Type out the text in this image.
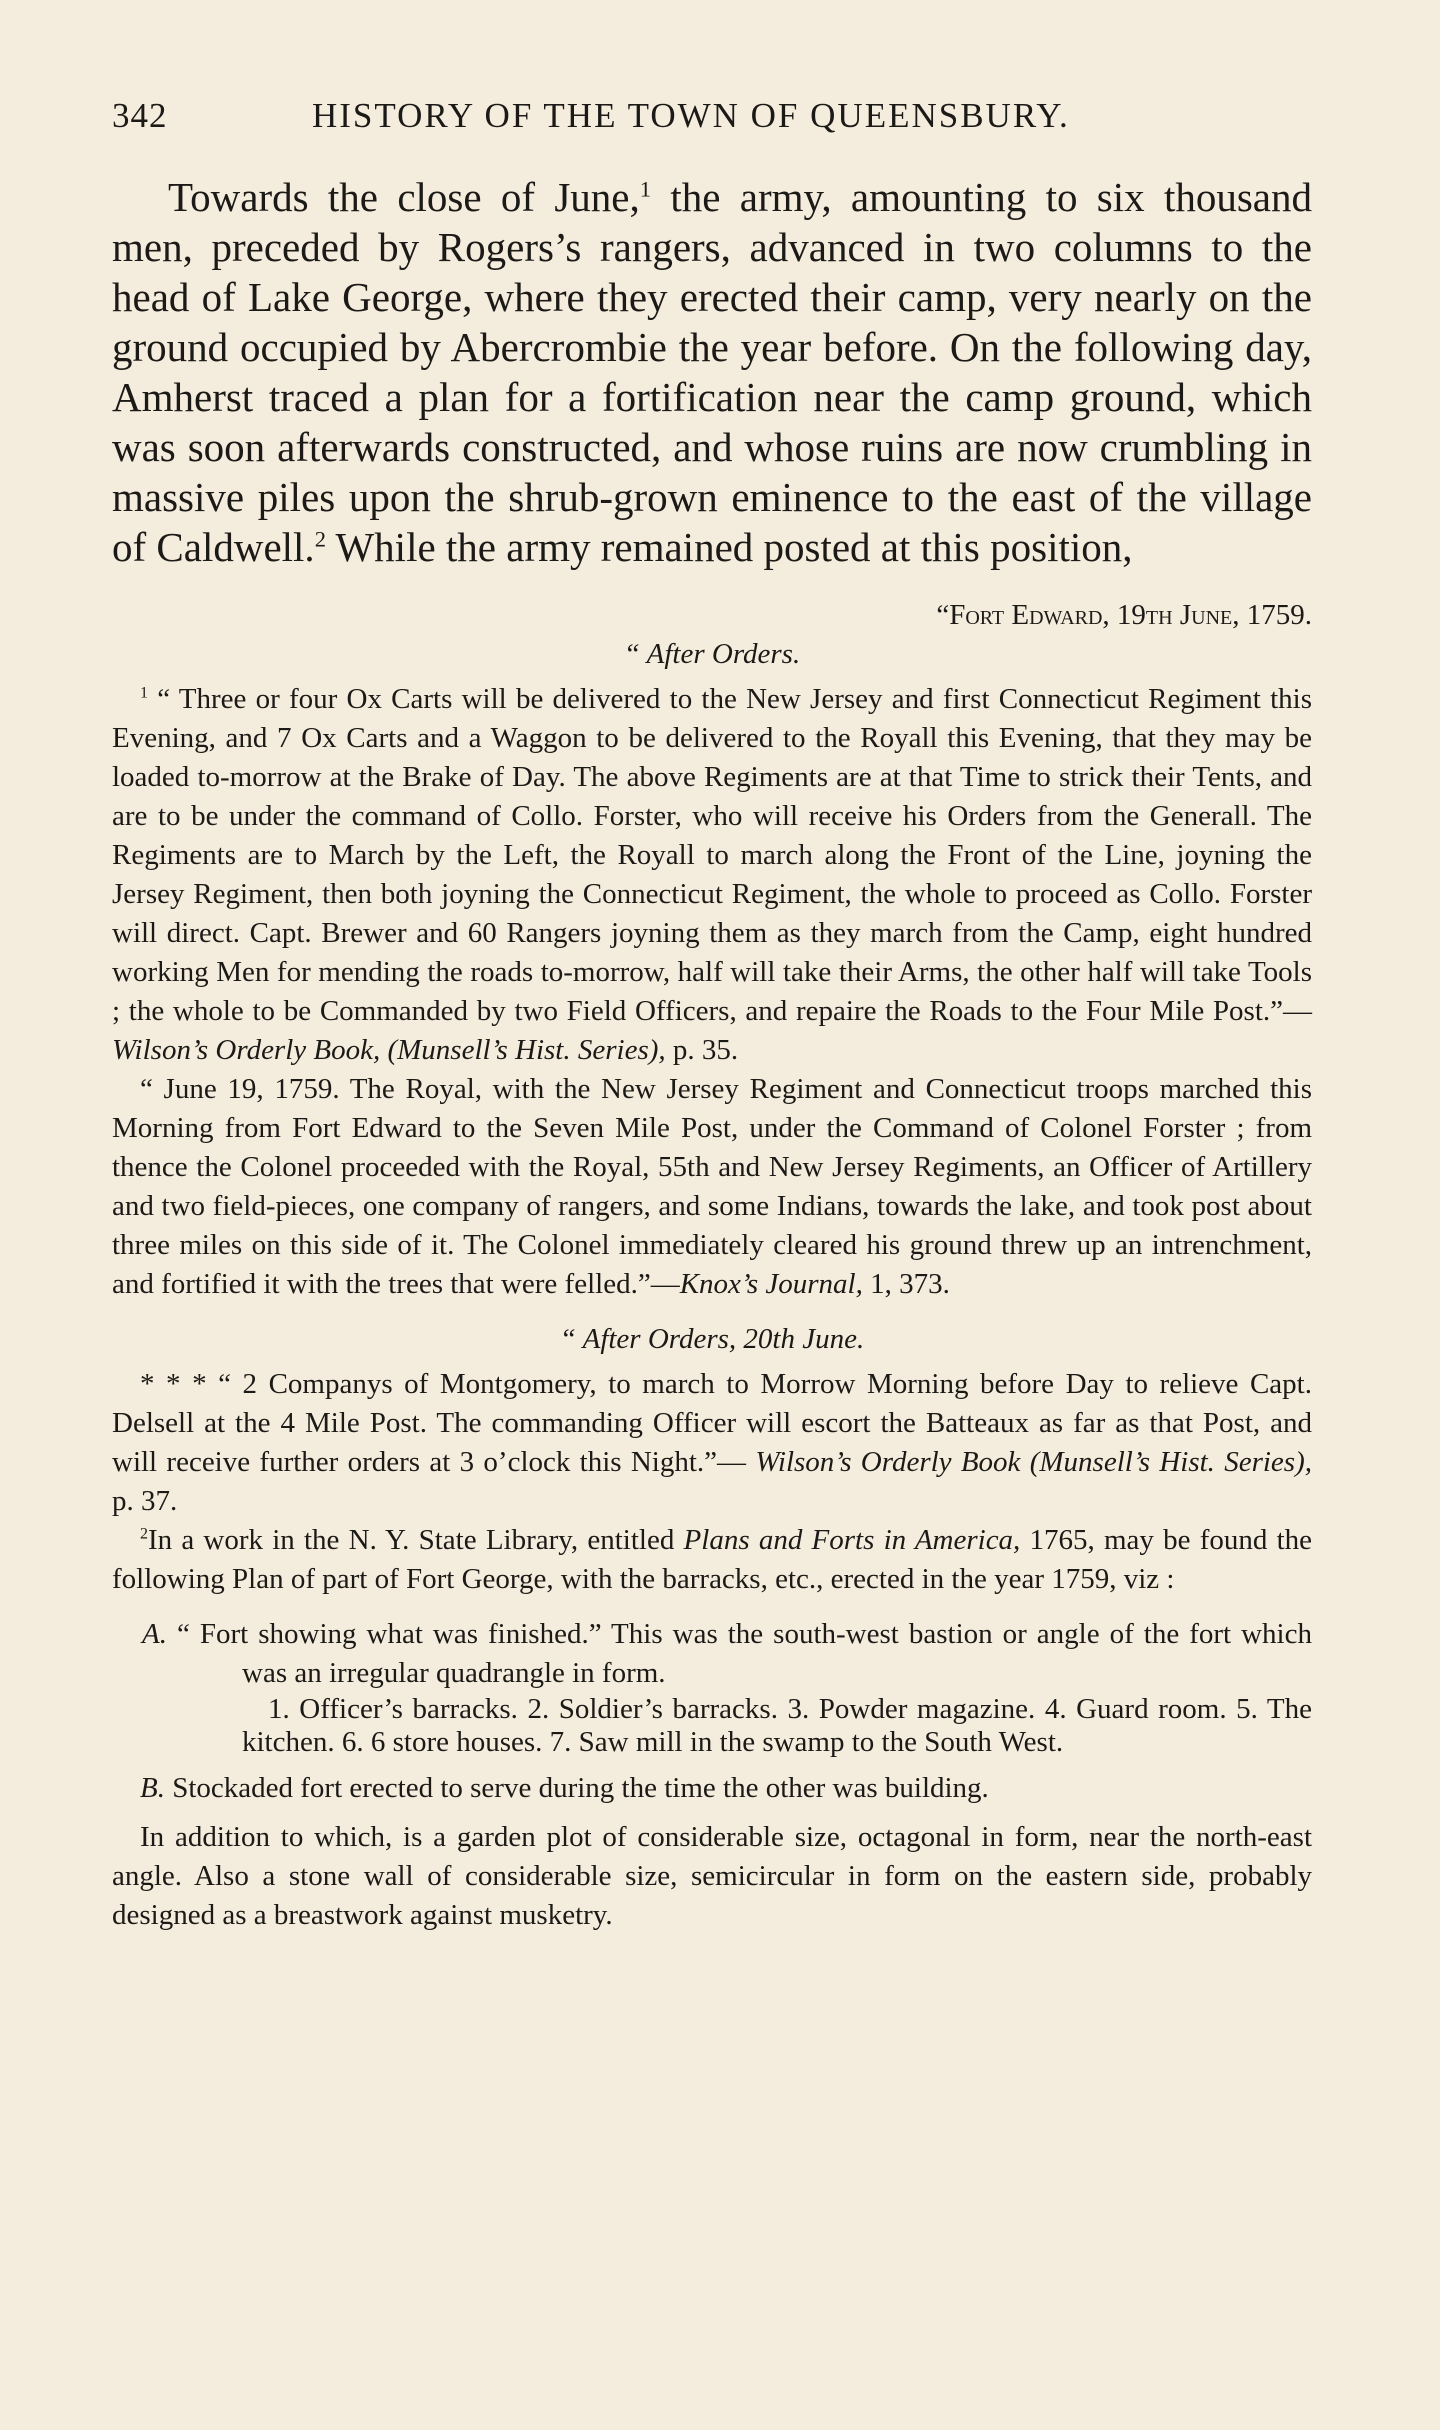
342	HISTORY OF THE TOWN OF QUEENSBURY.

Towards the close of June,$^1$ the army, amounting to six thousand men, preceded by Rogers’s rangers, advanced in two columns to the head of Lake George, where they erected their camp, very nearly on the ground occupied by Abercrombie the year before. On the following day, Amherst traced a plan for a fortification near the camp ground, which was soon afterwards constructed, and whose ruins are now crumbling in massive piles upon the shrub-grown eminence to the east of the village of Caldwell.$^2$ While the army remained posted at this position,

“Fort Edward, 19th June, 1759.

“ After Orders.

$^1$ “ Three or four Ox Carts will be delivered to the New Jersey and first Connecticut Regiment this Evening, and 7 Ox Carts and a Waggon to be delivered to the Royall this Evening, that they may be loaded to-morrow at the Brake of Day. The above Regiments are at that Time to strick their Tents, and are to be under the command of Collo. Forster, who will receive his Orders from the Generall. The Regiments are to March by the Left, the Royall to march along the Front of the Line, joyning the Jersey Regiment, then both joyning the Connecticut Regiment, the whole to proceed as Collo. Forster will direct. Capt. Brewer and 60 Rangers joyning them as they march from the Camp, eight hundred working Men for mending the roads to-morrow, half will take their Arms, the other half will take Tools ; the whole to be Commanded by two Field Officers, and repaire the Roads to the Four Mile Post.”— Wilson’s Orderly Book, (Munsell’s Hist. Series), p. 35.

“ June 19, 1759. The Royal, with the New Jersey Regiment and Connecticut troops marched this Morning from Fort Edward to the Seven Mile Post, under the Command of Colonel Forster ; from thence the Colonel proceeded with the Royal, 55th and New Jersey Regiments, an Officer of Artillery and two field-pieces, one company of rangers, and some Indians, towards the lake, and took post about three miles on this side of it. The Colonel immediately cleared his ground threw up an intrenchment, and fortified it with the trees that were felled.”—Knox’s Journal, 1, 373.

“ After Orders, 20th June.

* * * “ 2 Companys of Montgomery, to march to Morrow Morning before Day to relieve Capt. Delsell at the 4 Mile Post. The commanding Officer will escort the Batteaux as far as that Post, and will receive further orders at 3 o’clock this Night.”— Wilson’s Orderly Book (Munsell’s Hist. Series), p. 37.

$^2$In a work in the N. Y. State Library, entitled Plans and Forts in America, 1765, may be found the following Plan of part of Fort George, with the barracks, etc., erected in the year 1759, viz :

A. “ Fort showing what was finished.” This was the south-west bastion or angle of the fort which was an irregular quadrangle in form.

1. Officer’s barracks. 2. Soldier’s barracks. 3. Powder magazine. 4. Guard room. 5. The kitchen. 6. 6 store houses. 7. Saw mill in the swamp to the South West.

B. Stockaded fort erected to serve during the time the other was building.

In addition to which, is a garden plot of considerable size, octagonal in form, near the north-east angle. Also a stone wall of considerable size, semicircular in form on the eastern side, probably designed as a breastwork against musketry.
